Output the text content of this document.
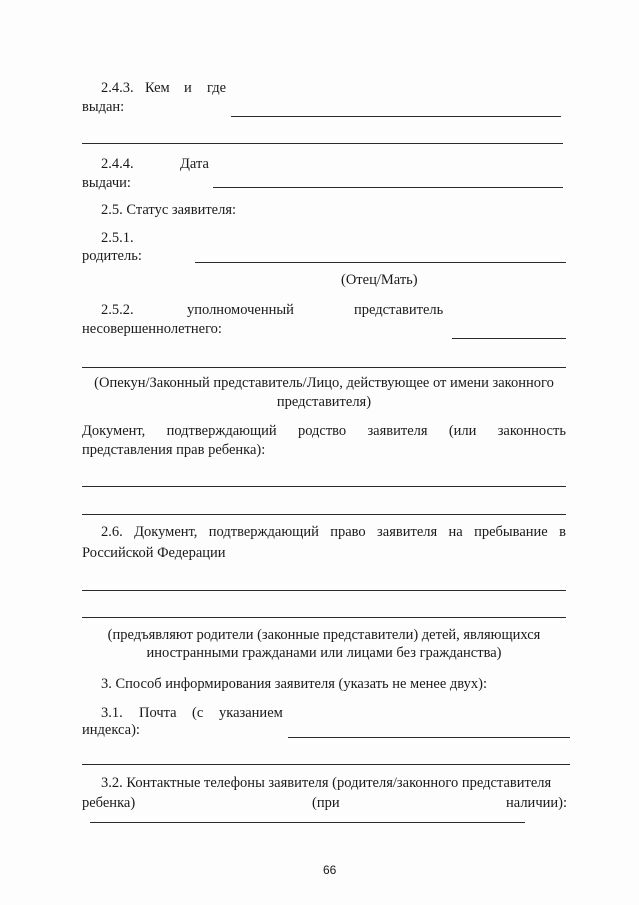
2.4.3. Кем и где
выдан:
2.4.4.	Дата
выдачи:
2.5. Статус заявителя:
2.5.1.
родитель:
(Отец/Мать)
2.5.2.	уполномоченный	представитель
несовершеннолетнего:
(Опекун/Законный представитель/Лицо, действующее от имени законного
представителя)
Документ, подтверждающий родство заявителя (или законность
представления прав ребенка):
2.6. Документ, подтверждающий право заявителя на пребывание в
Российской Федерации
(предъявляют родители (законные представители) детей, являющихся
иностранными гражданами или лицами без гражданства)
3. Способ информирования заявителя (указать не менее двух):
3.1. Почта (с указанием
индекса):
3.2. Контактные телефоны заявителя (родителя/законного представителя
ребенка)	(при	наличии):
66
